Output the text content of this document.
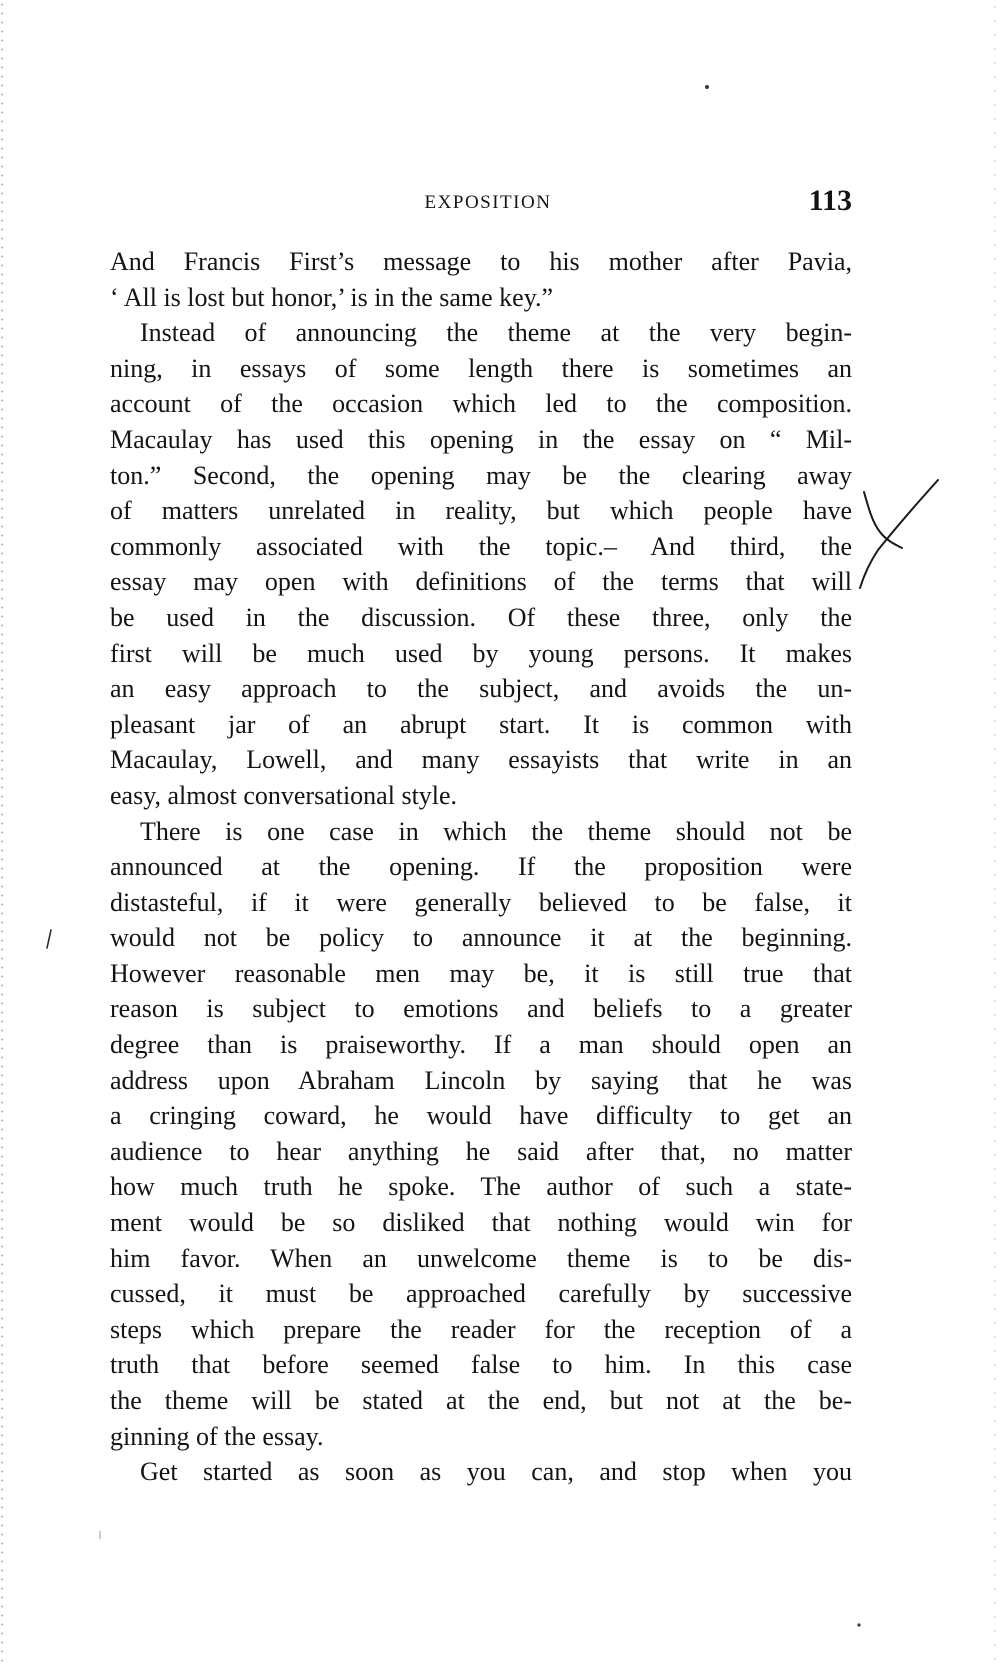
EXPOSITION	113
And Francis First’s message to his mother after Pavia,
‘ All is lost but honor,’ is in the same key.”
Instead of announcing the theme at the very begin-
ning, in essays of some length there is sometimes an
account of the occasion which led to the composition.
Macaulay has used this opening in the essay on “ Mil-
ton.” Second, the opening may be the clearing away
of matters unrelated in reality, but which people have
commonly associated with the topic.– And third, the
essay may open with definitions of the terms that will
be used in the discussion. Of these three, only the
first will be much used by young persons. It makes
an easy approach to the subject, and avoids the un-
pleasant jar of an abrupt start. It is common with
Macaulay, Lowell, and many essayists that write in an
easy, almost conversational style.
There is one case in which the theme should not be
announced at the opening. If the proposition were
distasteful, if it were generally believed to be false, it
would not be policy to announce it at the beginning.
However reasonable men may be, it is still true that
reason is subject to emotions and beliefs to a greater
degree than is praiseworthy. If a man should open an
address upon Abraham Lincoln by saying that he was
a cringing coward, he would have difficulty to get an
audience to hear anything he said after that, no matter
how much truth he spoke. The author of such a state-
ment would be so disliked that nothing would win for
him favor. When an unwelcome theme is to be dis-
cussed, it must be approached carefully by successive
steps which prepare the reader for the reception of a
truth that before seemed false to him. In this case
the theme will be stated at the end, but not at the be-
ginning of the essay.
Get started as soon as you can, and stop when you
